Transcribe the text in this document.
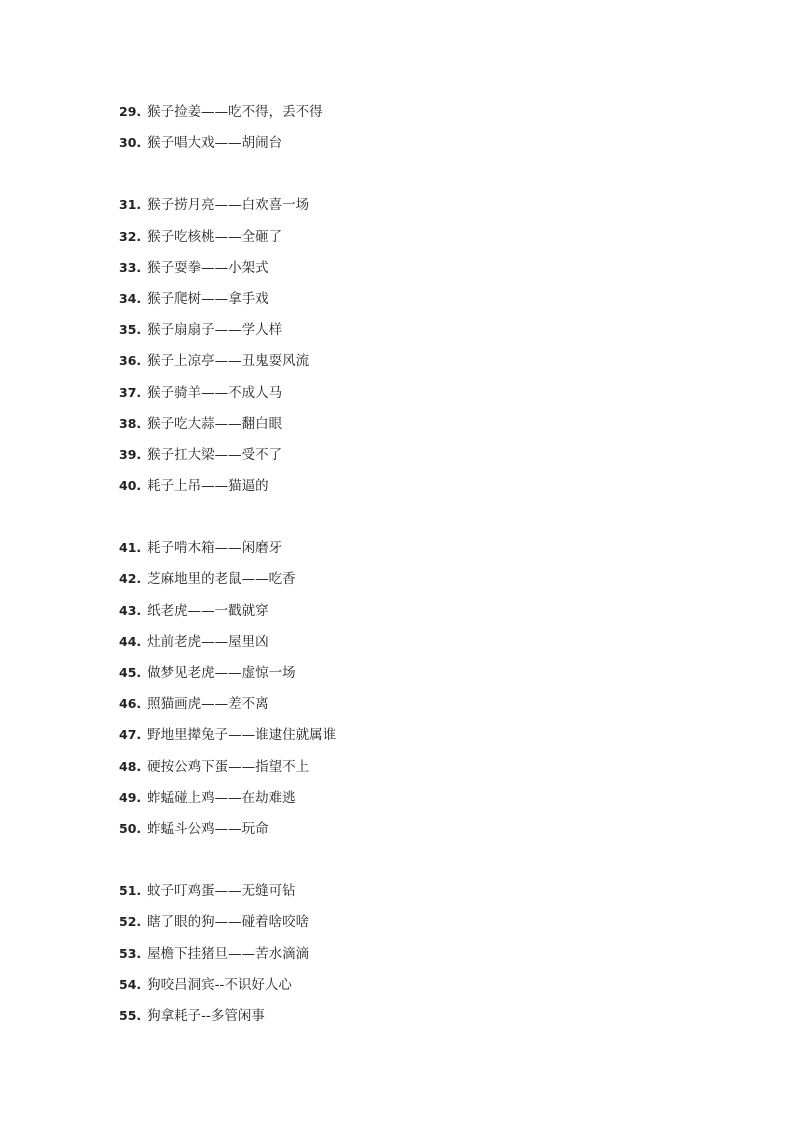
29. 猴子捡姜——吃不得，丢不得
30. 猴子唱大戏——胡闹台
31. 猴子捞月亮——白欢喜一场
32. 猴子吃核桃——全砸了
33. 猴子耍拳——小架式
34. 猴子爬树——拿手戏
35. 猴子扇扇子——学人样
36. 猴子上凉亭——丑鬼耍风流
37. 猴子骑羊——不成人马
38. 猴子吃大蒜——翻白眼
39. 猴子扛大梁——受不了
40. 耗子上吊——猫逼的
41. 耗子啃木箱——闲磨牙
42. 芝麻地里的老鼠——吃香
43. 纸老虎——一戳就穿
44. 灶前老虎——屋里凶
45. 做梦见老虎——虚惊一场
46. 照猫画虎——差不离
47. 野地里撵兔子——谁逮住就属谁
48. 硬按公鸡下蛋——指望不上
49. 蚱蜢碰上鸡——在劫难逃
50. 蚱蜢斗公鸡——玩命
51. 蚊子叮鸡蛋——无缝可钻
52. 瞎了眼的狗——碰着啥咬啥
53. 屋檐下挂猪旦——苦水滴滴
54. 狗咬吕洞宾--不识好人心
55. 狗拿耗子--多管闲事
